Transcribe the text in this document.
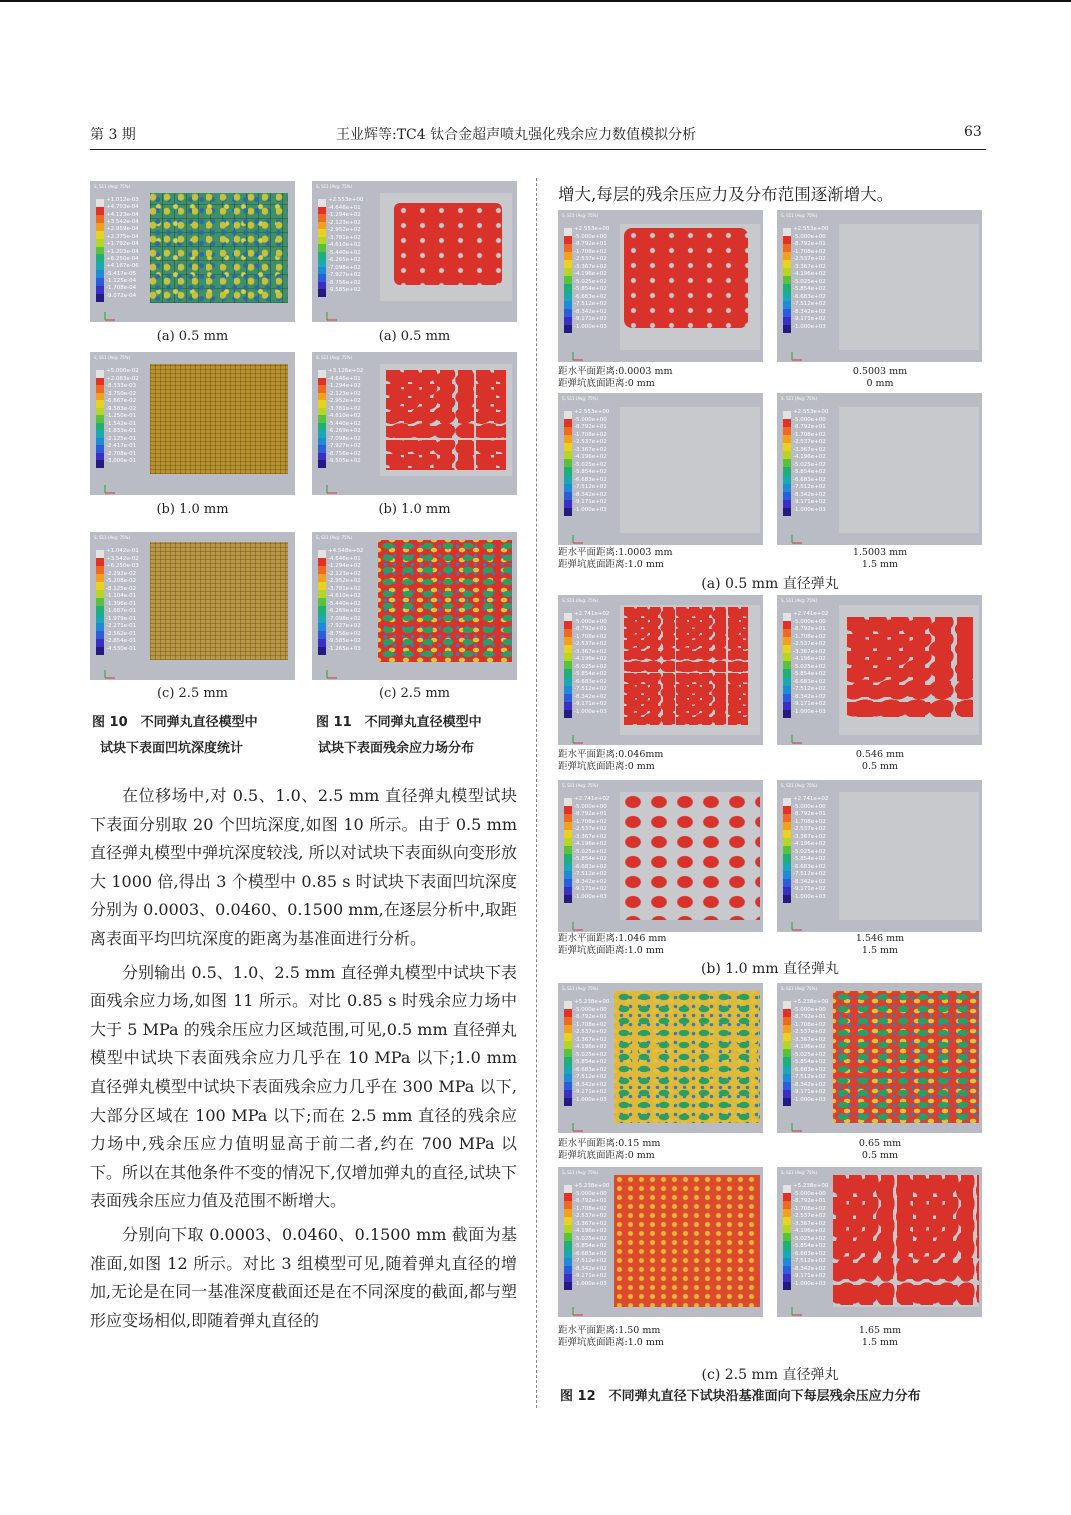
第 3 期	王业辉等:TC4 钛合金超声喷丸强化残余应力数值模拟分析	63
S, S11 (Avg: 75%)
+1.012e-03
+4.703e-04
+4.123e-04
+3.542e-04
+2.959e-04
+2.375e-04
+1.792e-04
+1.203e-04
+6.250e-04
+4.167e-06
-5.417e-05
-1.125e-04
-1.708e-04
-9.072e-04
(a) 0.5 mm
S, S11 (Avg: 75%)
+5.000e-02
+2.083e-02
-8.333e-03
-3.750e-02
-6.667e-02
-9.583e-02
-1.250e-01
-1.542e-01
-1.833e-01
-2.125e-01
-2.417e-01
-2.708e-01
-3.000e-01
(b) 1.0 mm
S, S11 (Avg: 75%)
+1.042e-01
+3.542e-02
+6.250e-03
-2.292e-02
-5.208e-02
-8.125e-02
-1.104e-01
-1.396e-01
-1.687e-01
-1.979e-01
-2.271e-01
-2.562e-01
-2.854e-01
-4.530e-01
(c) 2.5 mm
图 10　不同弹丸直径模型中
试块下表面凹坑深度统计
S, S11 (Avg: 75%)
+2.553e+00
-4.646e+01
-1.294e+02
-2.123e+02
-2.952e+02
-3.781e+02
-4.610e+02
-5.440e+02
-6.265e+02
-7.098e+02
-7.927e+02
-8.756e+02
-9.585e+02
(a) 0.5 mm
S, S11 (Avg: 75%)
+3.126e+02
-4.646e+01
-1.294e+02
-2.123e+02
-2.952e+02
-3.781e+02
-4.610e+02
-5.440e+02
-6.269e+02
-7.098e+02
-7.927e+02
-8.756e+02
-9.505e+02
(b) 1.0 mm
S, S11 (Avg: 75%)
+4.548e+02
-4.646e+01
-1.294e+02
-2.123e+02
-2.952e+02
-3.781e+02
-4.610e+02
-5.440e+02
-6.269e+02
-7.098e+02
-7.927e+02
-8.756e+02
-9.585e+02
-1.265e+03
(c) 2.5 mm
图 11　不同弹丸直径模型中
试块下表面残余应力场分布

在位移场中,对 0.5、1.0、2.5 mm 直径弹丸模型试块下表面分别取 20 个凹坑深度,如图 10 所示。由于 0.5 mm 直径弹丸模型中弹坑深度较浅, 所以对试块下表面纵向变形放大 1000 倍,得出 3 个模型中 0.85 s 时试块下表面凹坑深度分别为 0.0003、0.0460、0.1500 mm,在逐层分析中,取距离表面平均凹坑深度的距离为基准面进行分析。

分别输出 0.5、1.0、2.5 mm 直径弹丸模型中试块下表面残余应力场,如图 11 所示。对比 0.85 s 时残余应力场中大于 5 MPa 的残余压应力区域范围,可见,0.5 mm 直径弹丸模型中试块下表面残余应力几乎在 10 MPa 以下;1.0 mm 直径弹丸模型中试块下表面残余应力几乎在 300 MPa 以下,大部分区域在 100 MPa 以下;而在 2.5 mm 直径的残余应力场中,残余压应力值明显高于前二者,约在 700 MPa 以下。所以在其他条件不变的情况下,仅增加弹丸的直径,试块下表面残余压应力值及范围不断增大。

分别向下取 0.0003、0.0460、0.1500 mm 截面为基准面,如图 12 所示。对比 3 组模型可见,随着弹丸直径的增加,无论是在同一基准深度截面还是在不同深度的截面,都与塑形应变场相似,即随着弹丸直径的

增大,每层的残余压应力及分布范围逐渐增大。
S, S11 (Avg: 75%)
+2.553e+00
-5.000e+00
-8.792e+01
-1.708e+02
-2.537e+02
-3.367e+02
-4.196e+02
-5.025e+02
-5.854e+02
-6.683e+02
-7.512e+02
-8.342e+02
-9.171e+02
-1.000e+03
S, S11 (Avg: 75%)
+2.553e+00
-5.000e+00
-8.792e+01
-1.708e+02
-2.537e+02
-3.367e+02
-4.196e+02
-5.025e+02
-5.854e+02
-6.683e+02
-7.512e+02
-8.342e+02
-9.171e+02
-1.000e+03
距水平面距离:0.0003 mm
距弹坑底面距离:0 mm
0.5003 mm
0 mm
S, S11 (Avg: 75%)
+2.553e+00
-5.000e+00
-8.792e+01
-1.708e+02
-2.537e+02
-3.367e+02
-4.196e+02
-5.025e+02
-5.854e+02
-6.683e+02
-7.512e+02
-8.342e+02
-9.171e+02
-1.000e+03
S, S11 (Avg: 75%)
+2.553e+00
-5.000e+00
-8.792e+01
-1.708e+02
-2.537e+02
-3.367e+02
-4.196e+02
-5.025e+02
-5.854e+02
-6.683e+02
-7.512e+02
-8.342e+02
-9.171e+02
-1.000e+03
距水平面距离:1.0003 mm
距弹坑底面距离:1.0 mm
1.5003 mm
1.5 mm
(a) 0.5 mm 直径弹丸
S, S11 (Avg: 75%)
+2.741e+02
-5.000e+00
-8.792e+01
-1.708e+02
-2.537e+02
-3.367e+02
-4.196e+02
-5.025e+02
-5.854e+02
-6.683e+02
-7.512e+02
-8.342e+02
-9.171e+02
-1.000e+03
S, S11 (Avg: 75%)
+2.741e+02
-5.000e+00
-8.792e+01
-1.708e+02
-2.537e+02
-3.367e+02
-4.196e+02
-5.025e+02
-5.854e+02
-6.683e+02
-7.512e+02
-8.342e+02
-9.171e+02
-1.000e+03
距水平面距离:0.046mm
距弹坑底面距离:0 mm
0.546 mm
0.5 mm
S, S11 (Avg: 75%)
+2.741e+02
-5.000e+00
-8.792e+01
-1.708e+02
-2.537e+02
-3.367e+02
-4.196e+02
-5.025e+02
-5.854e+02
-6.683e+02
-7.512e+02
-8.342e+02
-9.171e+02
-1.000e+03
S, S11 (Avg: 75%)
+2.741e+02
-5.000e+00
-8.792e+01
-1.708e+02
-2.537e+02
-3.367e+02
-4.196e+02
-5.025e+02
-5.854e+02
-6.683e+02
-7.512e+02
-8.342e+02
-9.171e+02
-1.000e+03
距水平面距离:1.046 mm
距弹坑底面距离:1.0 mm
1.546 mm
1.5 mm
(b) 1.0 mm 直径弹丸
S, S11 (Avg: 75%)
+5.238e+00
-5.000e+00
-8.792e+01
-1.708e+02
-2.537e+02
-3.367e+02
-4.196e+02
-5.025e+02
-5.854e+02
-6.683e+02
-7.512e+02
-8.342e+02
-9.171e+02
-1.000e+03
S, S11 (Avg: 75%)
+5.238e+00
-5.000e+00
-8.792e+01
-1.708e+02
-2.537e+02
-3.367e+02
-4.196e+02
-5.025e+02
-5.854e+02
-6.683e+02
-7.512e+02
-8.342e+02
-9.171e+02
-1.000e+03
距水平面距离:0.15 mm
距弹坑底面距离:0 mm
0.65 mm
0.5 mm
S, S11 (Avg: 75%)
+5.238e+00
-5.000e+00
-8.792e+01
-1.708e+02
-2.537e+02
-3.367e+02
-4.196e+02
-5.025e+02
-5.854e+02
-6.683e+02
-7.512e+02
-8.342e+02
-9.171e+02
-1.000e+03
S, S11 (Avg: 75%)
+5.238e+00
-5.000e+00
-8.792e+01
-1.708e+02
-2.537e+02
-3.367e+02
-4.196e+02
-5.025e+02
-5.854e+02
-6.683e+02
-7.512e+02
-8.342e+02
-9.171e+02
-1.000e+03
距水平面距离:1.50 mm
距弹坑底面距离:1.0 mm
1.65 mm
1.5 mm
(c) 2.5 mm 直径弹丸
图 12　不同弹丸直径下试块沿基准面向下每层残余压应力分布
